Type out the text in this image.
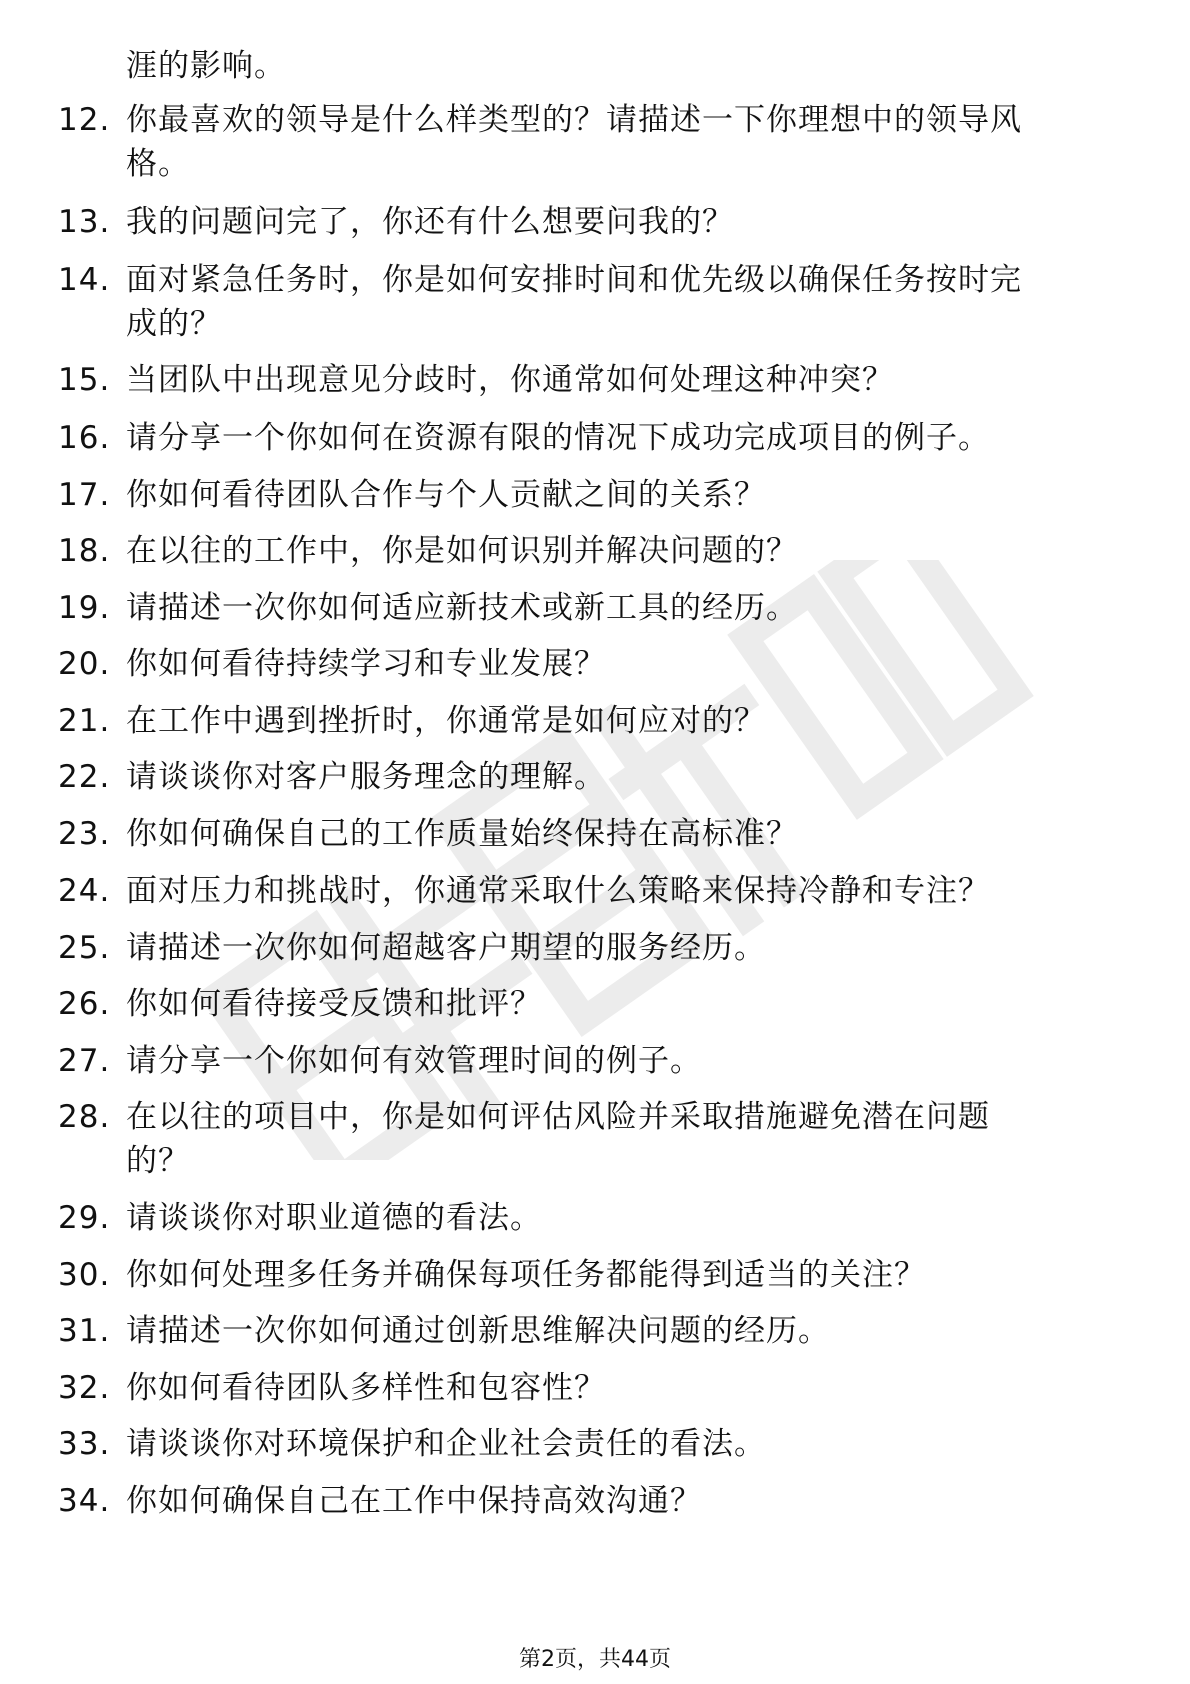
涯的影响。
12. 你最喜欢的领导是什么样类型的？请描述一下你理想中的领导风
格。
13. 我的问题问完了，你还有什么想要问我的？
14. 面对紧急任务时，你是如何安排时间和优先级以确保任务按时完
成的？
15. 当团队中出现意见分歧时，你通常如何处理这种冲突？
16. 请分享一个你如何在资源有限的情况下成功完成项目的例子。
17. 你如何看待团队合作与个人贡献之间的关系？
18. 在以往的工作中，你是如何识别并解决问题的？
19. 请描述一次你如何适应新技术或新工具的经历。
20. 你如何看待持续学习和专业发展？
21. 在工作中遇到挫折时，你通常是如何应对的？
22. 请谈谈你对客户服务理念的理解。
23. 你如何确保自己的工作质量始终保持在高标准？
24. 面对压力和挑战时，你通常采取什么策略来保持冷静和专注？
25. 请描述一次你如何超越客户期望的服务经历。
26. 你如何看待接受反馈和批评？
27. 请分享一个你如何有效管理时间的例子。
28. 在以往的项目中，你是如何评估风险并采取措施避免潜在问题
的？
29. 请谈谈你对职业道德的看法。
30. 你如何处理多任务并确保每项任务都能得到适当的关注？
31. 请描述一次你如何通过创新思维解决问题的经历。
32. 你如何看待团队多样性和包容性？
33. 请谈谈你对环境保护和企业社会责任的看法。
34. 你如何确保自己在工作中保持高效沟通？
第2页，共44页
